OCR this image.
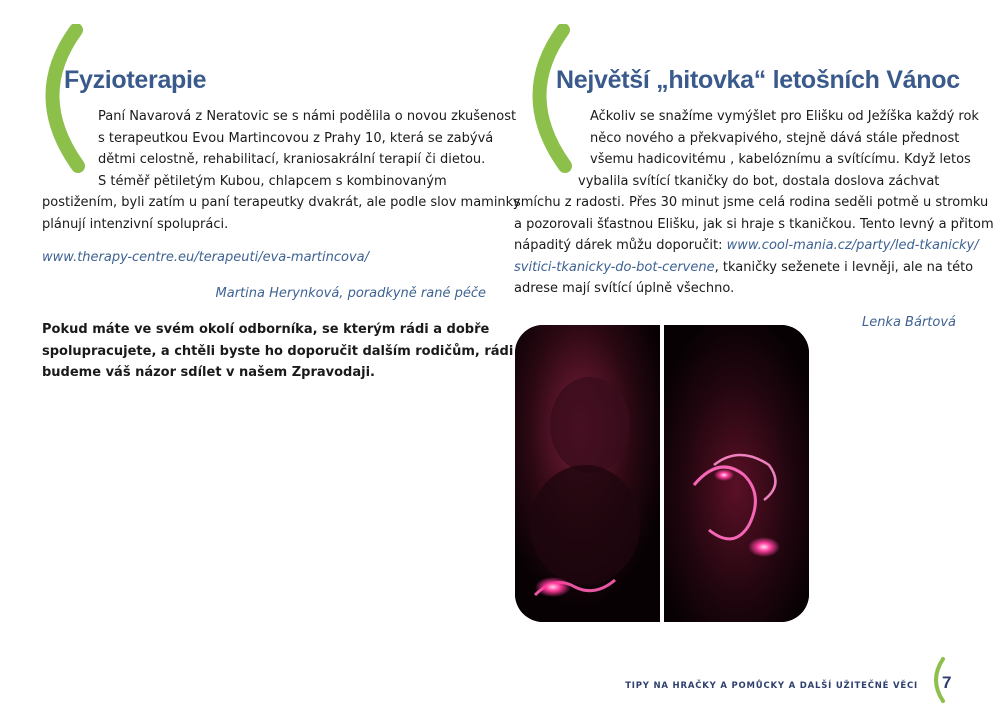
Fyzioterapie
Paní Navarová z Neratovic se s námi podělila o novou zkušenost
s terapeutkou Evou Martincovou z Prahy 10, která se zabývá
dětmi celostně, rehabilitací, kraniosakrální terapií či dietou.
S téměř pětiletým Kubou, chlapcem s kombinovaným
postižením, byli zatím u paní terapeutky dvakrát, ale podle slov maminky
plánují intenzivní spolupráci.
www.therapy-centre.eu/terapeuti/eva-martincova/
Martina Herynková, poradkyně rané péče
Pokud máte ve svém okolí odborníka, se kterým rádi a dobře
spolupracujete, a chtěli byste ho doporučit dalším rodičům, rádi
budeme váš názor sdílet v našem Zpravodaji.
Největší „hitovka“ letošních Vánoc
Ačkoliv se snažíme vymýšlet pro Elišku od Ježíška každý rok
něco nového a překvapivého, stejně dává stále přednost
všemu hadicovitému , kabelóznímu a svítícímu. Když letos
vybalila svítící tkaničky do bot, dostala doslova záchvat
smíchu z radosti. Přes 30 minut jsme celá rodina seděli potmě u stromku
a pozorovali šťastnou Elišku, jak si hraje s tkaničkou. Tento levný a přitom
nápaditý dárek můžu doporučit: www.cool-mania.cz/party/led-tkanicky/
svitici-tkanicky-do-bot-cervene, tkaničky seženete i levněji, ale na této
adrese mají svítící úplně všechno.
Lenka Bártová
TIPY NA HRAČKY A POMŮCKY A DALŠÍ UŽITEČNÉ VĚCI 7
